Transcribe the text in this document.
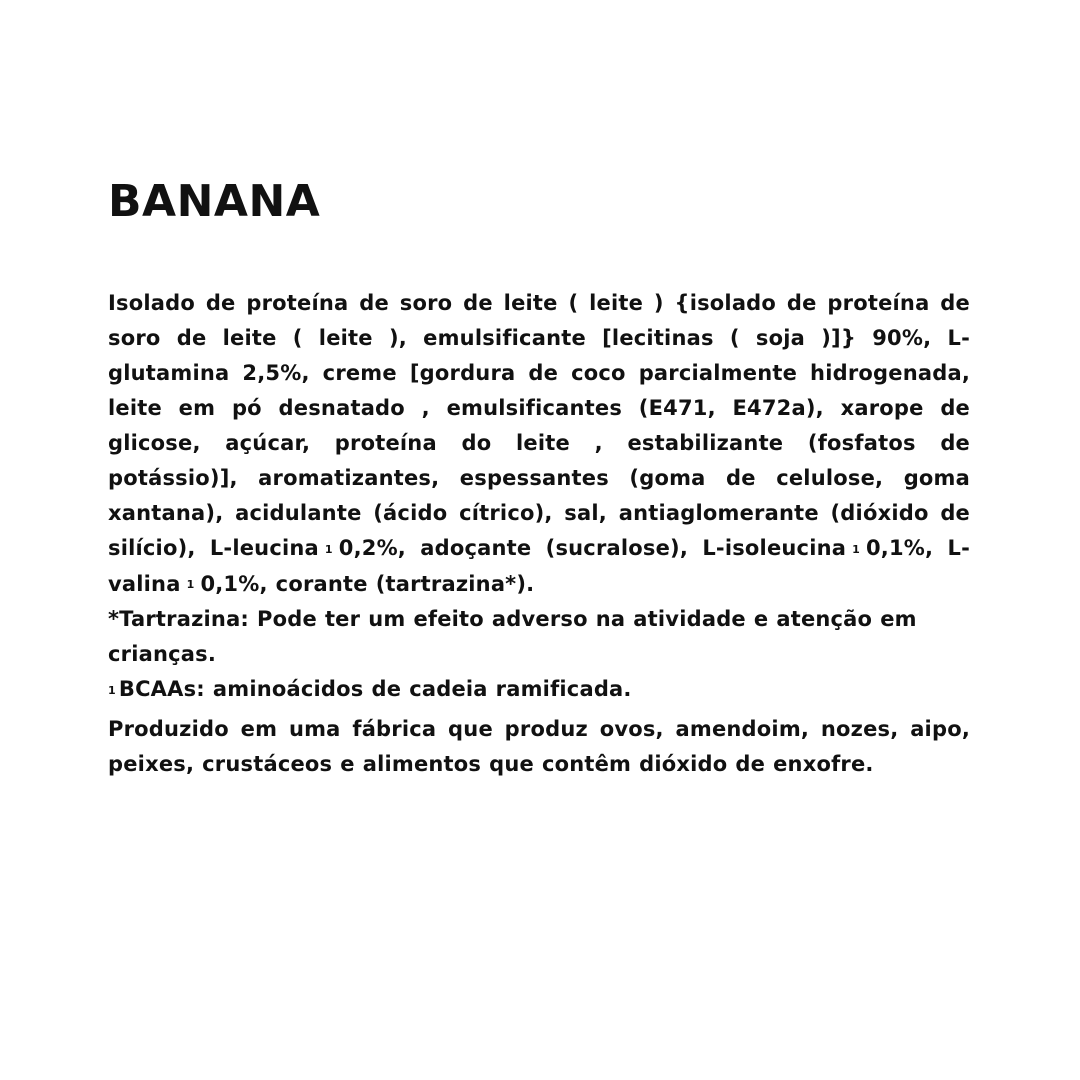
BANANA

Isolado de proteína de soro de leite ( leite ) {isolado de proteína de soro de leite ( leite ), emulsificante [lecitinas ( soja )]} 90%, L-glutamina 2,5%, creme [gordura de coco parcialmente hidrogenada, leite em pó desnatado , emulsificantes (E471, E472a), xarope de glicose, açúcar, proteína do leite , estabilizante (fosfatos de potássio)], aromatizantes, espessantes (goma de celulose, goma xantana), acidulante (ácido cítrico), sal, antiaglomerante (dióxido de silício), L-leucina 1 0,2%, adoçante (sucralose), L-isoleucina 1 0,1%, L-valina 1 0,1%, corante (tartrazina*).

*Tartrazina: Pode ter um efeito adverso na atividade e atenção em crianças.

1 BCAAs: aminoácidos de cadeia ramificada.

Produzido em uma fábrica que produz ovos, amendoim, nozes, aipo, peixes, crustáceos e alimentos que contêm dióxido de enxofre.
